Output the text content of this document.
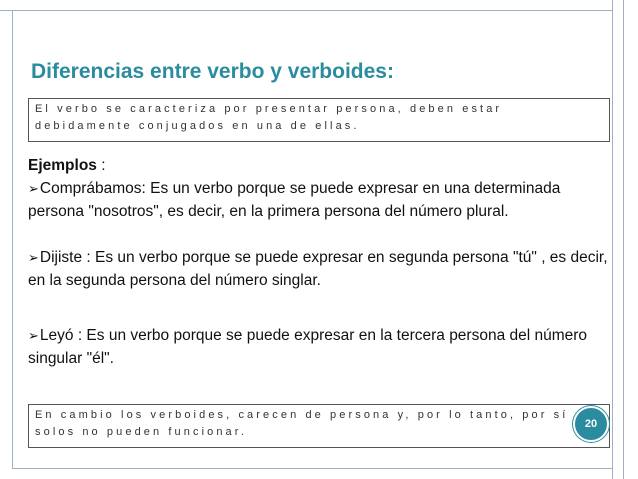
Diferencias entre verbo y verboides:
El verbo se caracteriza por presentar persona, deben estar debidamente conjugados en una de ellas.

Ejemplos :

➢Comprábamos: Es un verbo porque se puede expresar en una determinada persona "nosotros", es decir, en la primera persona del número plural.

➢Dijiste : Es un verbo porque se puede expresar en segunda persona "tú" , es decir, en la segunda persona del número singlar.

➢Leyó : Es un verbo porque se puede expresar en la tercera persona del número singular "él".

En cambio los verboides, carecen de persona y, por lo tanto, por sí solos no pueden funcionar.
20
